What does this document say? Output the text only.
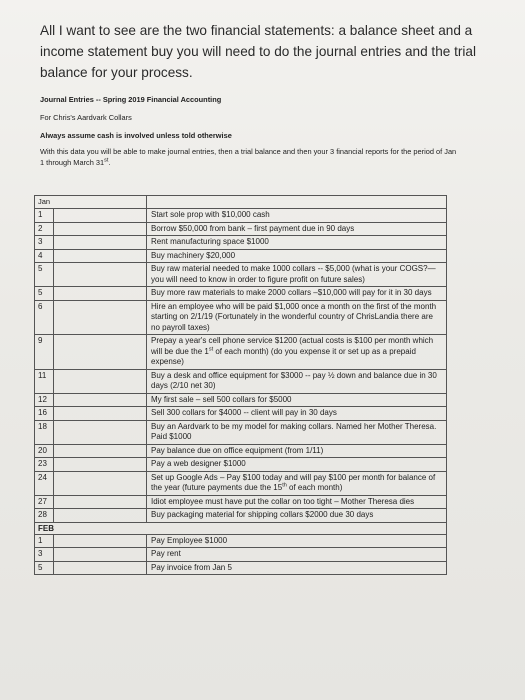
All I want to see are the two financial statements: a balance sheet and a income statement buy you will need to do the journal entries and the trial balance for your process.
Journal Entries -- Spring 2019 Financial Accounting
For Chris's Aardvark Collars
Always assume cash is involved unless told otherwise
With this data you will be able to make journal entries, then a trial balance and then your 3 financial reports for the period of Jan 1 through March 31st.
Jan
1	Start sole prop with $10,000 cash
2	Borrow $50,000 from bank – first payment due in 90 days
3	Rent manufacturing space $1000
4	Buy machinery $20,000
5	Buy raw material needed to make 1000 collars -- $5,000 (what is your COGS?—you will need to know in order to figure profit on future sales)
5	Buy more raw materials to make 2000 collars –$10,000 will pay for it in 30 days
6	Hire an employee who will be paid $1,000 once a month on the first of the month starting on 2/1/19 (Fortunately in the wonderful country of ChrisLandia there are no payroll taxes)
9	Prepay a year's cell phone service $1200 (actual costs is $100 per month which will be due the 1st of each month) (do you expense it or set up as a prepaid expense)
11	Buy a desk and office equipment for $3000 -- pay ½ down and balance due in 30 days (2/10 net 30)
12	My first sale – sell 500 collars for $5000
16	Sell 300 collars for $4000 -- client will pay in 30 days
18	Buy an Aardvark to be my model for making collars. Named her Mother Theresa. Paid $1000
20	Pay balance due on office equipment (from 1/11)
23	Pay a web designer $1000
24	Set up Google Ads – Pay $100 today and will pay $100 per month for balance of the year (future payments due the 15th of each month)
27	Idiot employee must have put the collar on too tight – Mother Theresa dies
28	Buy packaging material for shipping collars $2000 due 30 days
FEB
1	Pay Employee $1000
3	Pay rent
5	Pay invoice from Jan 5
